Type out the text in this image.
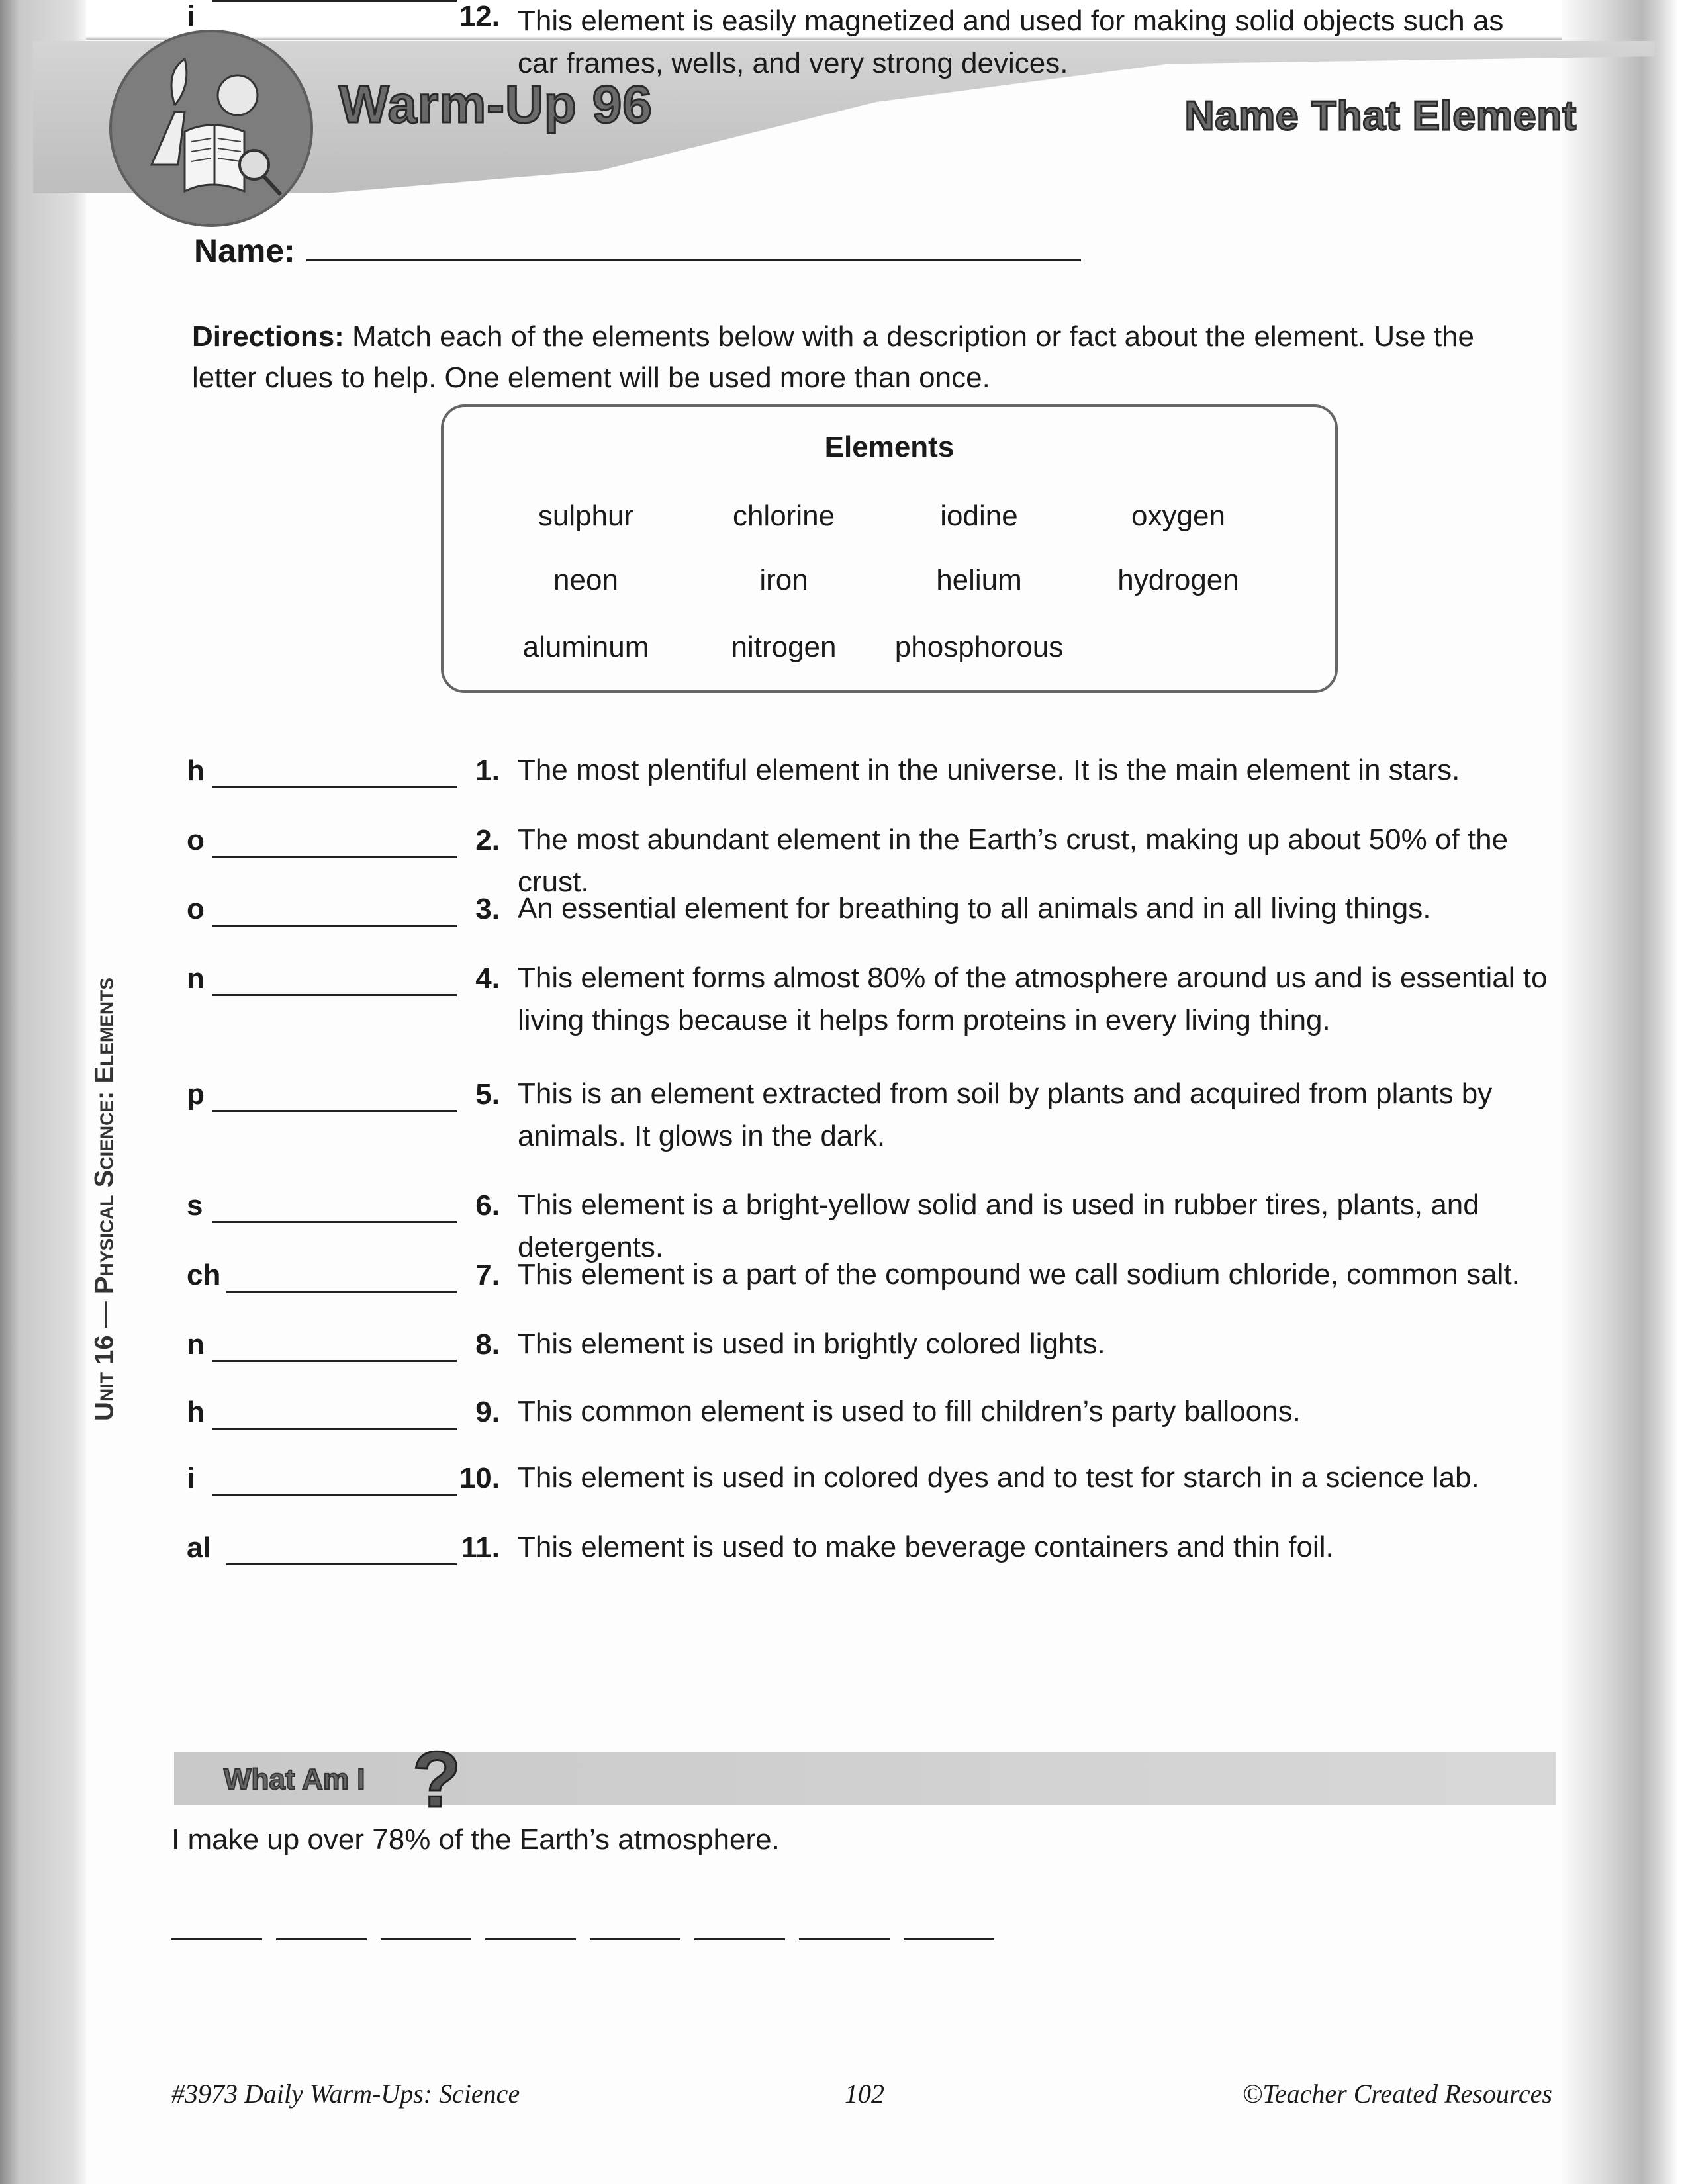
Warm-Up 96	Name That Element
Unit 16 — Physical Science: Elements
Name:
Directions: Match each of the elements below with a description or fact about the element. Use the letter clues to help. One element will be used more than once.
Elements
sulphur	chlorine	iodine	oxygen
neon	iron	helium	hydrogen
aluminum	nitrogen phosphorous
h	1. The most plentiful element in the universe. It is the main element in stars.
o	2. The most abundant element in the Earth’s crust, making up about 50% of the crust.
o	3. An essential element for breathing to all animals and in all living things.
n	4. This element forms almost 80% of the atmosphere around us and is essential to living things because it helps form proteins in every living thing.
p	5. This is an element extracted from soil by plants and acquired from plants by animals. It glows in the dark.
s	6. This element is a bright-yellow solid and is used in rubber tires, plants, and detergents.
ch	7. This element is a part of the compound we call sodium chloride, common salt.
n	8. This element is used in brightly colored lights.
h	9. This common element is used to fill children’s party balloons.
i	10. This element is used in colored dyes and to test for starch in a science lab.
al	11. This element is used to make beverage containers and thin foil.
i	12. This element is easily magnetized and used for making solid objects such as car frames, wells, and very strong devices.
What Am I ?
I make up over 78% of the Earth’s atmosphere.
#3973 Daily Warm-Ups: Science	102	©Teacher Created Resources
